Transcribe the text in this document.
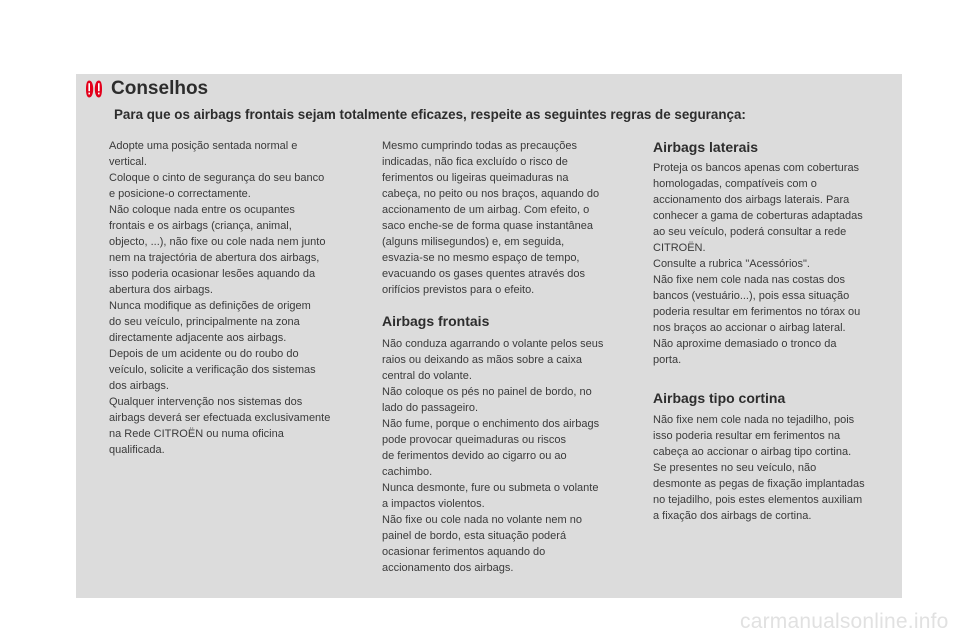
Conselhos
Para que os airbags frontais sejam totalmente eficazes, respeite as seguintes regras de segurança:

Adopte uma posição sentada normal e
vertical.
Coloque o cinto de segurança do seu banco
e posicione-o correctamente.
Não coloque nada entre os ocupantes
frontais e os airbags (criança, animal,
objecto, ...), não fixe ou cole nada nem junto
nem na trajectória de abertura dos airbags,
isso poderia ocasionar lesões aquando da
abertura dos airbags.
Nunca modifique as definições de origem
do seu veículo, principalmente na zona
directamente adjacente aos airbags.
Depois de um acidente ou do roubo do
veículo, solicite a verificação dos sistemas
dos airbags.
Qualquer intervenção nos sistemas dos
airbags deverá ser efectuada exclusivamente
na Rede CITROËN ou numa oficina
qualificada.

Mesmo cumprindo todas as precauções
indicadas, não fica excluído o risco de
ferimentos ou ligeiras queimaduras na
cabeça, no peito ou nos braços, aquando do
accionamento de um airbag. Com efeito, o
saco enche-se de forma quase instantânea
(alguns milisegundos) e, em seguida,
esvazia-se no mesmo espaço de tempo,
evacuando os gases quentes através dos
orifícios previstos para o efeito.

Airbags frontais

Não conduza agarrando o volante pelos seus
raios ou deixando as mãos sobre a caixa
central do volante.
Não coloque os pés no painel de bordo, no
lado do passageiro.
Não fume, porque o enchimento dos airbags
pode provocar queimaduras ou riscos
de ferimentos devido ao cigarro ou ao
cachimbo.
Nunca desmonte, fure ou submeta o volante
a impactos violentos.
Não fixe ou cole nada no volante nem no
painel de bordo, esta situação poderá
ocasionar ferimentos aquando do
accionamento dos airbags.

Airbags laterais

Proteja os bancos apenas com coberturas
homologadas, compatíveis com o
accionamento dos airbags laterais. Para
conhecer a gama de coberturas adaptadas
ao seu veículo, poderá consultar a rede
CITROËN.
Consulte a rubrica "Acessórios".
Não fixe nem cole nada nas costas dos
bancos (vestuário...), pois essa situação
poderia resultar em ferimentos no tórax ou
nos braços ao accionar o airbag lateral.
Não aproxime demasiado o tronco da
porta.

Airbags tipo cortina

Não fixe nem cole nada no tejadilho, pois
isso poderia resultar em ferimentos na
cabeça ao accionar o airbag tipo cortina.
Se presentes no seu veículo, não
desmonte as pegas de fixação implantadas
no tejadilho, pois estes elementos auxiliam
a fixação dos airbags de cortina.

carmanualsonline.info
